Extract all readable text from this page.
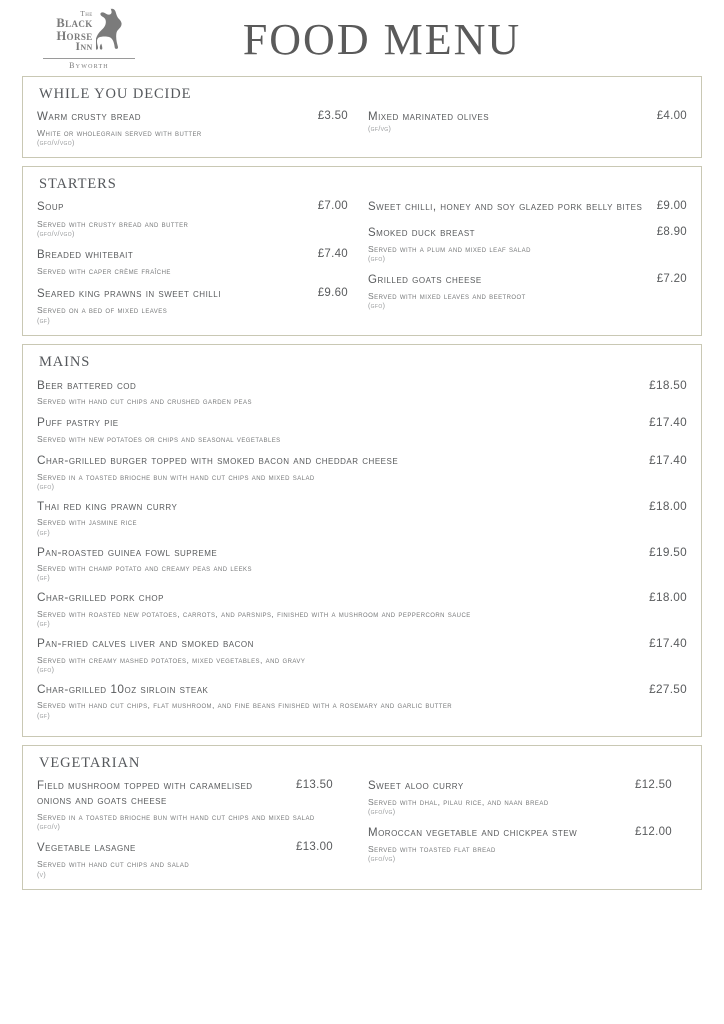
The
Black
Horse
Inn
Byworth
FOOD MENU
WHILE YOU DECIDE
Warm crusty bread	£3.50
White or wholegrain served with butter
(gfo/v/vgo)
Mixed marinated olives	£4.00
(gf/vg)
STARTERS
Soup	£7.00
Served with crusty bread and butter
(gfo/v/vgo)
Breaded whitebait	£7.40
Served with caper crème fraîche
Seared king prawns in sweet chilli	£9.60
Served on a bed of mixed leaves
(gf)
Sweet chilli, honey and soy glazed pork belly bites	£9.00
Smoked duck breast	£8.90
Served with a plum and mixed leaf salad
(gfo)
Grilled goats cheese	£7.20
Served with mixed leaves and beetroot
(gfo)
MAINS
Beer battered cod	£18.50
Served with hand cut chips and crushed garden peas
Puff pastry pie	£17.40
Served with new potatoes or chips and seasonal vegetables
Char-grilled burger topped with smoked bacon and cheddar cheese	£17.40
Served in a toasted brioche bun with hand cut chips and mixed salad
(gfo)
Thai red king prawn curry	£18.00
Served with jasmine rice
(gf)
Pan-roasted guinea fowl supreme	£19.50
Served with champ potato and creamy peas and leeks
(gf)
Char-grilled pork chop	£18.00
Served with roasted new potatoes, carrots, and parsnips, finished with a mushroom and peppercorn sauce
(gf)
Pan-fried calves liver and smoked bacon	£17.40
Served with creamy mashed potatoes, mixed vegetables, and gravy
(gfo)
Char-grilled 10oz sirloin steak	£27.50
Served with hand cut chips, flat mushroom, and fine beans finished with a rosemary and garlic butter
(gf)
VEGETARIAN
Field mushroom topped with caramelised onions and goats cheese
£13.50
Served in a toasted brioche bun with hand cut chips and mixed salad
(gfo/v)
Vegetable lasagne	£13.00
Served with hand cut chips and salad
(v)
Sweet aloo curry	£12.50
Served with dhal, pilau rice, and naan bread
(gfo/vg)
Moroccan vegetable and chickpea stew	£12.00
Served with toasted flat bread
(gfo/vg)
